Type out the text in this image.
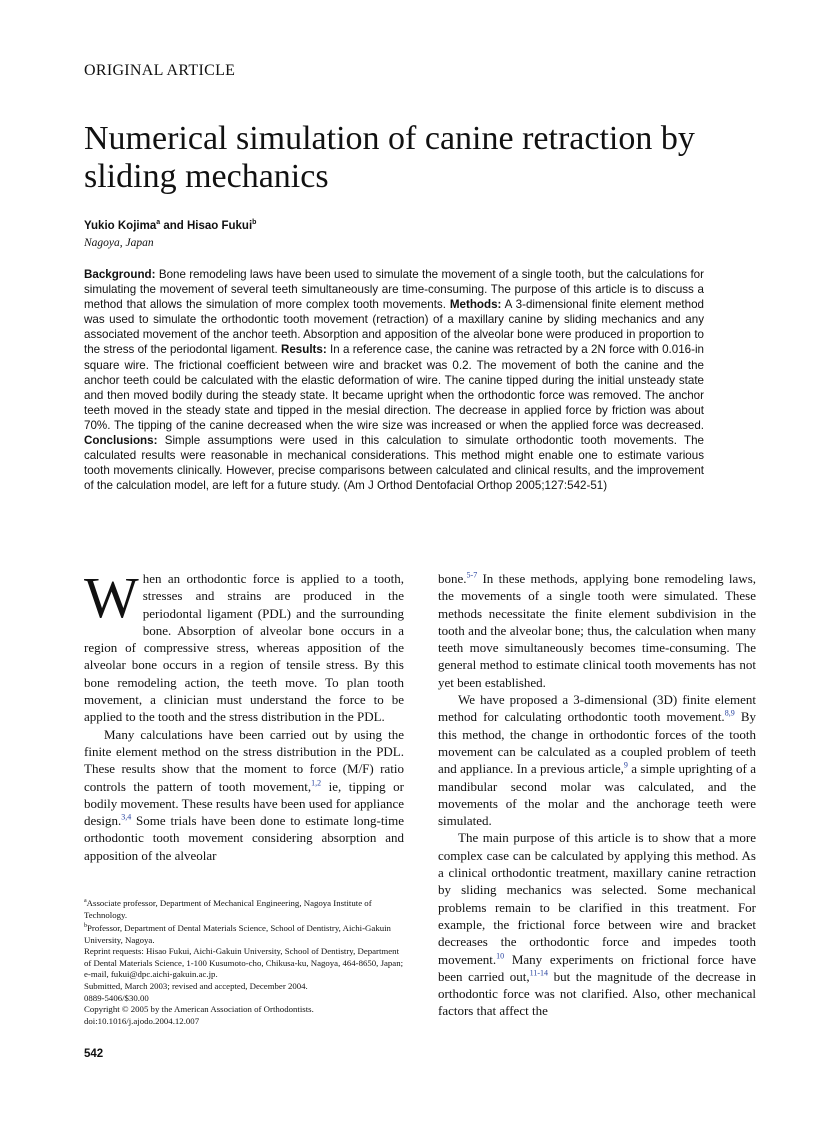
ORIGINAL ARTICLE
Numerical simulation of canine retraction by sliding mechanics
Yukio Kojima$^a$ and Hisao Fukui$^b$
Nagoya, Japan

Background: Bone remodeling laws have been used to simulate the movement of a single tooth, but the calculations for simulating the movement of several teeth simultaneously are time-consuming. The purpose of this article is to discuss a method that allows the simulation of more complex tooth movements. Methods: A 3-dimensional finite element method was used to simulate the orthodontic tooth movement (retraction) of a maxillary canine by sliding mechanics and any associated movement of the anchor teeth. Absorption and apposition of the alveolar bone were produced in proportion to the stress of the periodontal ligament. Results: In a reference case, the canine was retracted by a 2N force with 0.016-in square wire. The frictional coefficient between wire and bracket was 0.2. The movement of both the canine and the anchor teeth could be calculated with the elastic deformation of wire. The canine tipped during the initial unsteady state and then moved bodily during the steady state. It became upright when the orthodontic force was removed. The anchor teeth moved in the steady state and tipped in the mesial direction. The decrease in applied force by friction was about 70%. The tipping of the canine decreased when the wire size was increased or when the applied force was decreased. Conclusions: Simple assumptions were used in this calculation to simulate orthodontic tooth movements. The calculated results were reasonable in mechanical considerations. This method might enable one to estimate various tooth movements clinically. However, precise comparisons between calculated and clinical results, and the improvement of the calculation model, are left for a future study. (Am J Orthod Dentofacial Orthop 2005;127:542-51)

When an orthodontic force is applied to a tooth, stresses and strains are produced in the periodontal ligament (PDL) and the surrounding bone. Absorption of alveolar bone occurs in a region of compressive stress, whereas apposition of the alveolar bone occurs in a region of tensile stress. By this bone remodeling action, the teeth move. To plan tooth movement, a clinician must understand the force to be applied to the tooth and the stress distribution in the PDL.

Many calculations have been carried out by using the finite element method on the stress distribution in the PDL. These results show that the moment to force (M/F) ratio controls the pattern of tooth movement,$^{1,2}$ ie, tipping or bodily movement. These results have been used for appliance design.$^{3,4}$ Some trials have been done to estimate long-time orthodontic tooth movement considering absorption and apposition of the alveolar

$^a$Associate professor, Department of Mechanical Engineering, Nagoya Institute of Technology.

$^b$Professor, Department of Dental Materials Science, School of Dentistry, Aichi-Gakuin University, Nagoya.

Reprint requests: Hisao Fukui, Aichi-Gakuin University, School of Dentistry, Department of Dental Materials Science, 1-100 Kusumoto-cho, Chikusa-ku, Nagoya, 464-8650, Japan; e-mail, fukui@dpc.aichi-gakuin.ac.jp.

Submitted, March 2003; revised and accepted, December 2004.

0889-5406/$30.00

Copyright © 2005 by the American Association of Orthodontists.

doi:10.1016/j.ajodo.2004.12.007

bone.$^{5-7}$ In these methods, applying bone remodeling laws, the movements of a single tooth were simulated. These methods necessitate the finite element subdivision in the tooth and the alveolar bone; thus, the calculation when many teeth move simultaneously becomes time-consuming. The general method to estimate clinical tooth movements has not yet been established.

We have proposed a 3-dimensional (3D) finite element method for calculating orthodontic tooth movement.$^{8,9}$ By this method, the change in orthodontic forces of the tooth movement can be calculated as a coupled problem of teeth and appliance. In a previous article,$^9$ a simple uprighting of a mandibular second molar was calculated, and the movements of the molar and the anchorage teeth were simulated.

The main purpose of this article is to show that a more complex case can be calculated by applying this method. As a clinical orthodontic treatment, maxillary canine retraction by sliding mechanics was selected. Some mechanical problems remain to be clarified in this treatment. For example, the frictional force between wire and bracket decreases the orthodontic force and impedes tooth movement.$^{10}$ Many experiments on frictional force have been carried out,$^{11-14}$ but the magnitude of the decrease in orthodontic force was not clarified. Also, other mechanical factors that affect the

542
